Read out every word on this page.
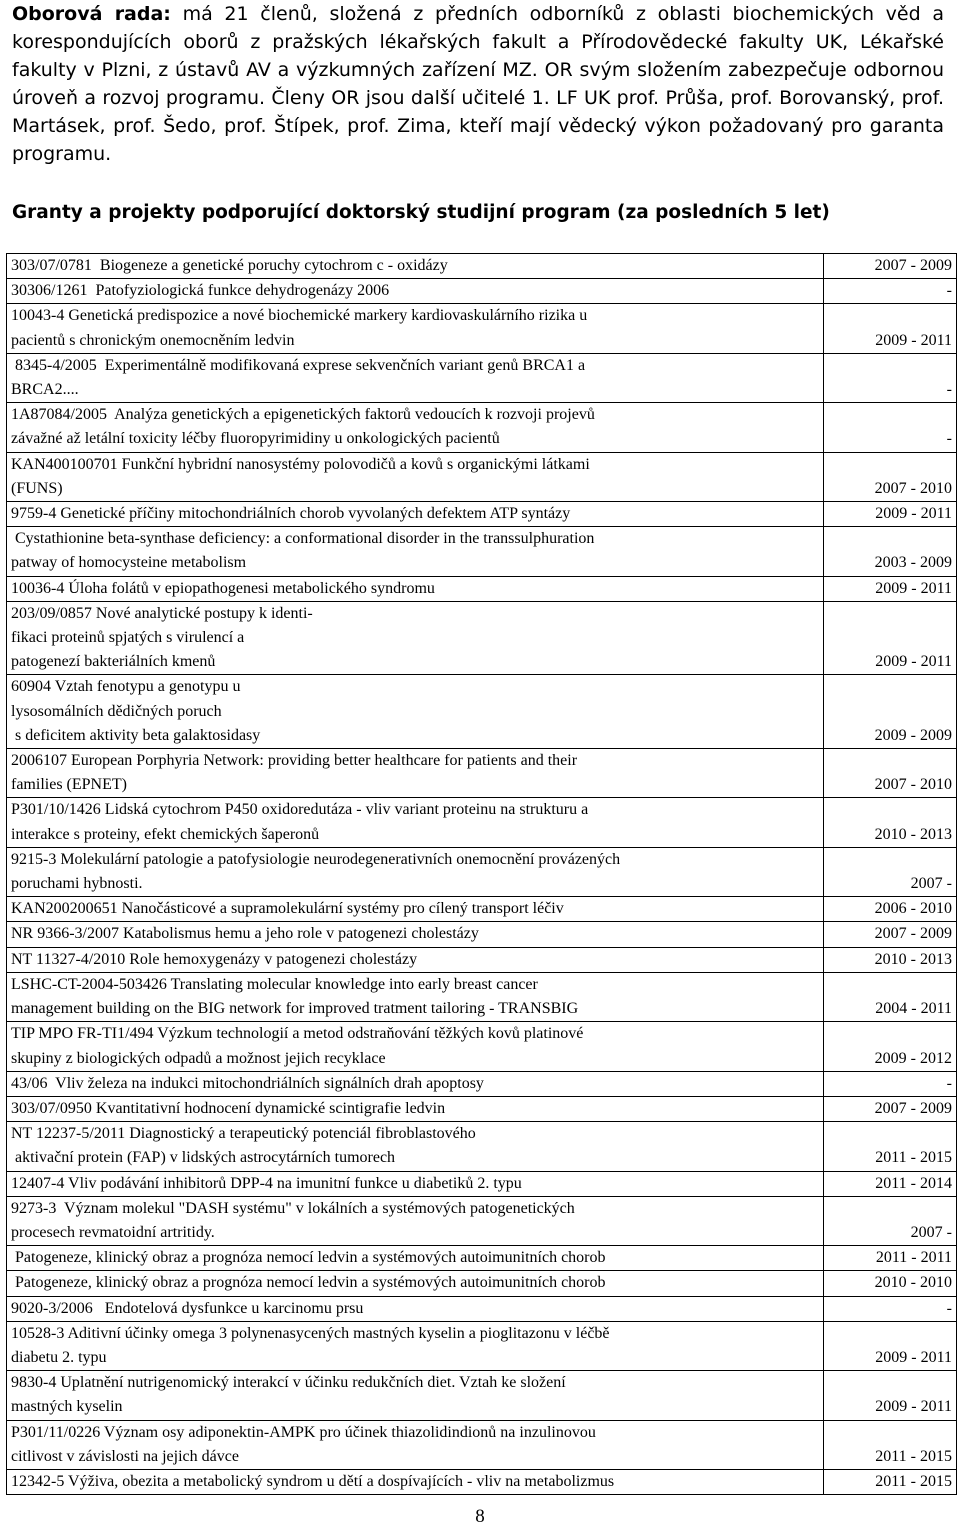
Oborová rada: má 21 členů, složená z předních odborníků z oblasti biochemických věd a korespondujících oborů z pražských lékařských fakult a Přírodovědecké fakulty UK, Lékařské fakulty v Plzni, z ústavů AV a výzkumných zařízení MZ. OR svým složením zabezpečuje odbornou úroveň a rozvoj programu. Členy OR jsou další učitelé 1. LF UK prof. Průša, prof. Borovanský, prof. Martásek, prof. Šedo, prof. Štípek, prof. Zima, kteří mají vědecký výkon požadovaný pro garanta programu.

Granty a projekty podporující doktorský studijní program (za posledních 5 let)

303/07/0781  Biogeneze a genetické poruchy cytochrom c - oxidázy	2007 - 2009

30306/1261  Patofyziologická funkce dehydrogenázy 2006	-

10043-4 Genetická predispozice a nové biochemické markery kardiovaskulárního rizika u
pacientů s chronickým onemocněním ledvin	2009 - 2011

8345-4/2005  Experimentálně modifikovaná exprese sekvenčních variant genů BRCA1 a
BRCA2....	-

1A87084/2005  Analýza genetických a epigenetických faktorů vedoucích k rozvoji projevů
závažné až letální toxicity léčby fluoropyrimidiny u onkologických pacientů	-

KAN400100701 Funkční hybridní nanosystémy polovodičů a kovů s organickými látkami
(FUNS)	2007 - 2010

9759-4 Genetické příčiny mitochondriálních chorob vyvolaných defektem ATP syntázy	2009 - 2011

Cystathionine beta-synthase deficiency: a conformational disorder in the transsulphuration
patway of homocysteine metabolism	2003 - 2009

10036-4 Úloha folátů v epiopathogenesi metabolického syndromu	2009 - 2011

203/09/0857 Nové analytické postupy k identi-
fikaci proteinů spjatých s virulencí a
patogenezí bakteriálních kmenů	2009 - 2011

60904 Vztah fenotypu a genotypu u
lysosomálních dědičných poruch
s deficitem aktivity beta galaktosidasy	2009 - 2009

2006107 European Porphyria Network: providing better healthcare for patients and their
families (EPNET)	2007 - 2010

P301/10/1426 Lidská cytochrom P450 oxidoredutáza - vliv variant proteinu na strukturu a
interakce s proteiny, efekt chemických šaperonů	2010 - 2013

9215-3 Molekulární patologie a patofysiologie neurodegenerativních onemocnění provázených
poruchami hybnosti.	2007 -

KAN200200651 Nanočásticové a supramolekulární systémy pro cílený transport léčiv	2006 - 2010

NR 9366-3/2007 Katabolismus hemu a jeho role v patogenezi cholestázy	2007 - 2009

NT 11327-4/2010 Role hemoxygenázy v patogenezi cholestázy	2010 - 2013

LSHC-CT-2004-503426 Translating molecular knowledge into early breast cancer
management building on the BIG network for improved tratment tailoring - TRANSBIG	2004 - 2011

TIP MPO FR-TI1/494 Výzkum technologií a metod odstraňování těžkých kovů platinové
skupiny z biologických odpadů a možnost jejich recyklace	2009 - 2012

43/06  Vliv železa na indukci mitochondriálních signálních drah apoptosy	-

303/07/0950 Kvantitativní hodnocení dynamické scintigrafie ledvin	2007 - 2009

NT 12237-5/2011 Diagnostický a terapeutický potenciál fibroblastového
aktivační protein (FAP) v lidských astrocytárních tumorech	2011 - 2015

12407-4 Vliv podávání inhibitorů DPP-4 na imunitní funkce u diabetiků 2. typu	2011 - 2014

9273-3  Význam molekul "DASH systému" v lokálních a systémových patogenetických
procesech revmatoidní artritidy.	2007 -

Patogeneze, klinický obraz a prognóza nemocí ledvin a systémových autoimunitních chorob	2011 - 2011

Patogeneze, klinický obraz a prognóza nemocí ledvin a systémových autoimunitních chorob	2010 - 2010

9020-3/2006   Endotelová dysfunkce u karcinomu prsu	-

10528-3 Aditivní účinky omega 3 polynenasycených mastných kyselin a pioglitazonu v léčbě
diabetu 2. typu	2009 - 2011

9830-4 Uplatnění nutrigenomický interakcí v účinku redukčních diet. Vztah ke složení
mastných kyselin	2009 - 2011

P301/11/0226 Význam osy adiponektin-AMPK pro účinek thiazolidindionů na inzulinovou
citlivost v závislosti na jejich dávce	2011 - 2015

12342-5 Výživa, obezita a metabolický syndrom u dětí a dospívajících - vliv na metabolizmus	2011 - 2015
8
